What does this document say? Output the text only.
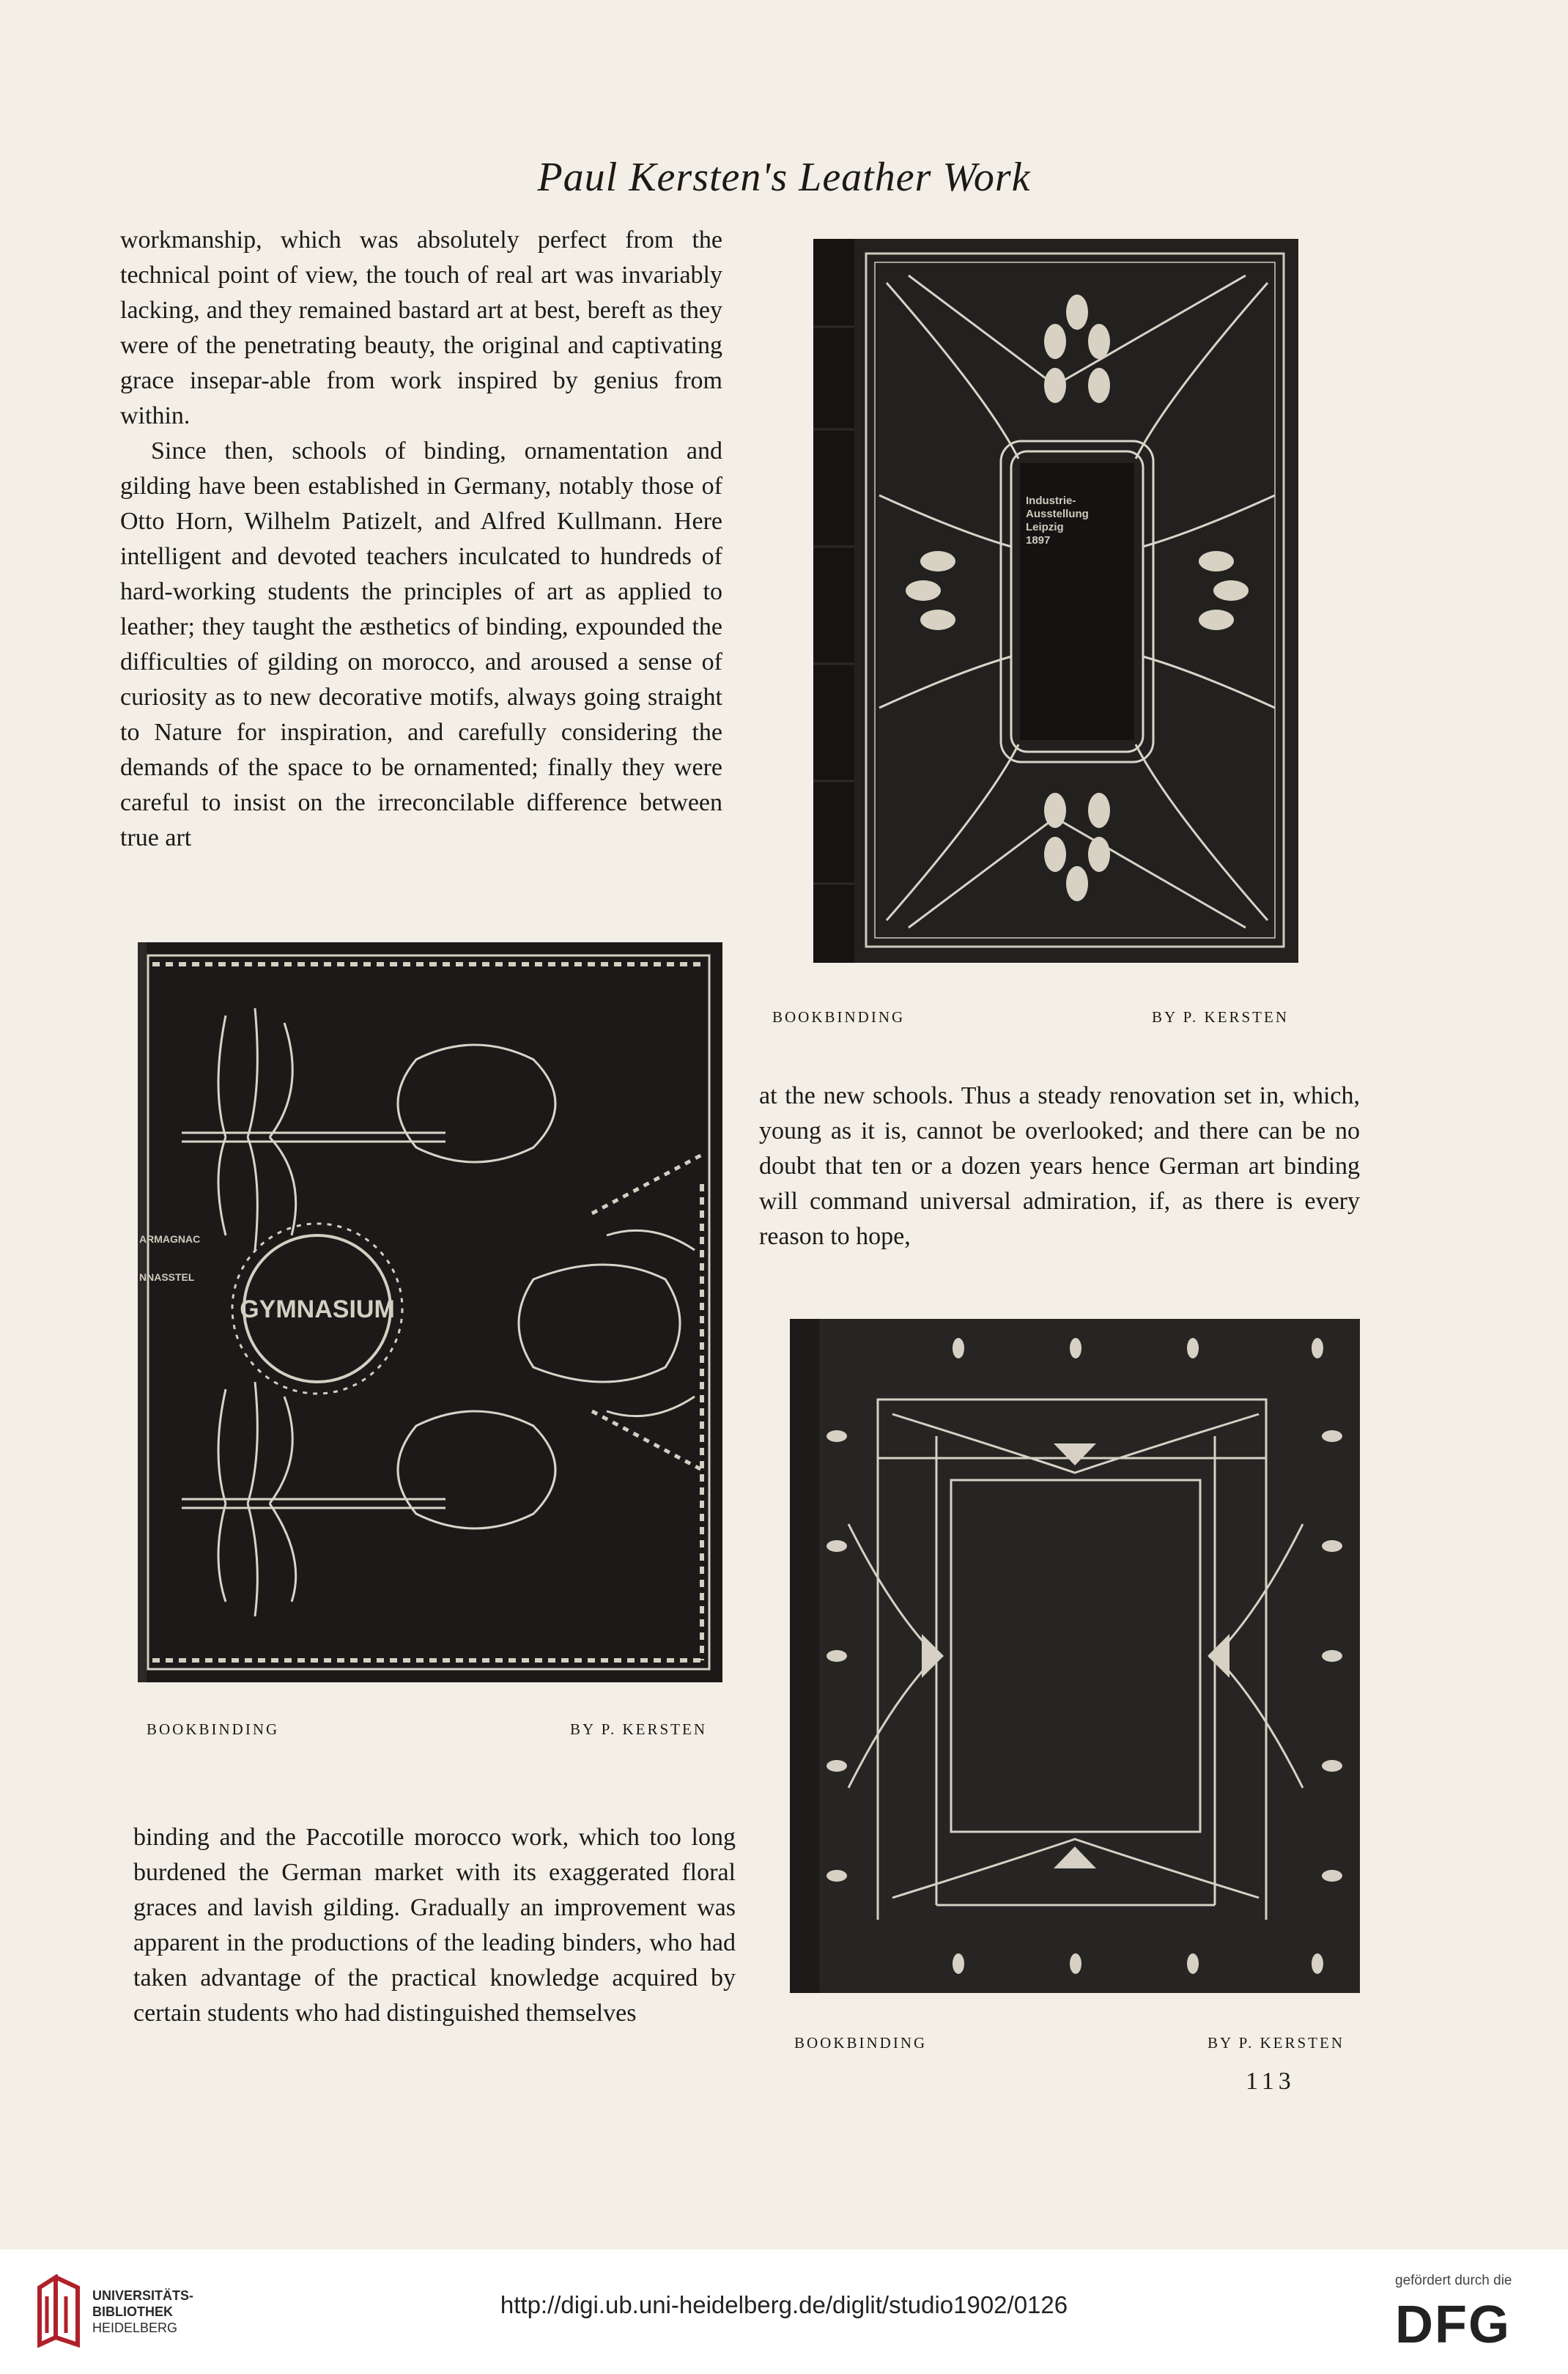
Paul Kersten's Leather Work

workmanship, which was absolutely perfect from the technical point of view, the touch of real art was invariably lacking, and they remained bastard art at best, bereft as they were of the penetrating beauty, the original and captivating grace insepar-able from work inspired by genius from within.

Since then, schools of binding, ornamentation and gilding have been established in Germany, notably those of Otto Horn, Wilhelm Patizelt, and Alfred Kullmann. Here intelligent and devoted teachers inculcated to hundreds of hard-working students the principles of art as applied to leather; they taught the æsthetics of binding, expounded the difficulties of gilding on morocco, and aroused a sense of curiosity as to new decorative motifs, always going straight to Nature for inspiration, and carefully considering the demands of the space to be ornamented; finally they were careful to insist on the irreconcilable difference between true art

Industrie-
Ausstellung
Leipzig
1897
BOOKBINDING	BY P. KERSTEN
ARMAGNAC
NNASSTEL
GYMNASIUM
BOOKBINDING	BY P. KERSTEN

at the new schools. Thus a steady renovation set in, which, young as it is, cannot be overlooked; and there can be no doubt that ten or a dozen years hence German art binding will command universal admiration, if, as there is every reason to hope,

BOOKBINDING	BY P. KERSTEN

binding and the Paccotille morocco work, which too long burdened the German market with its exaggerated floral graces and lavish gilding. Gradually an improvement was apparent in the productions of the leading binders, who had taken advantage of the practical knowledge acquired by certain students who had distinguished themselves

113
UNIVERSITÄTS-
BIBLIOTHEK
HEIDELBERG
http://digi.ub.uni-heidelberg.de/diglit/studio1902/0126
gefördert durch die
DFG
